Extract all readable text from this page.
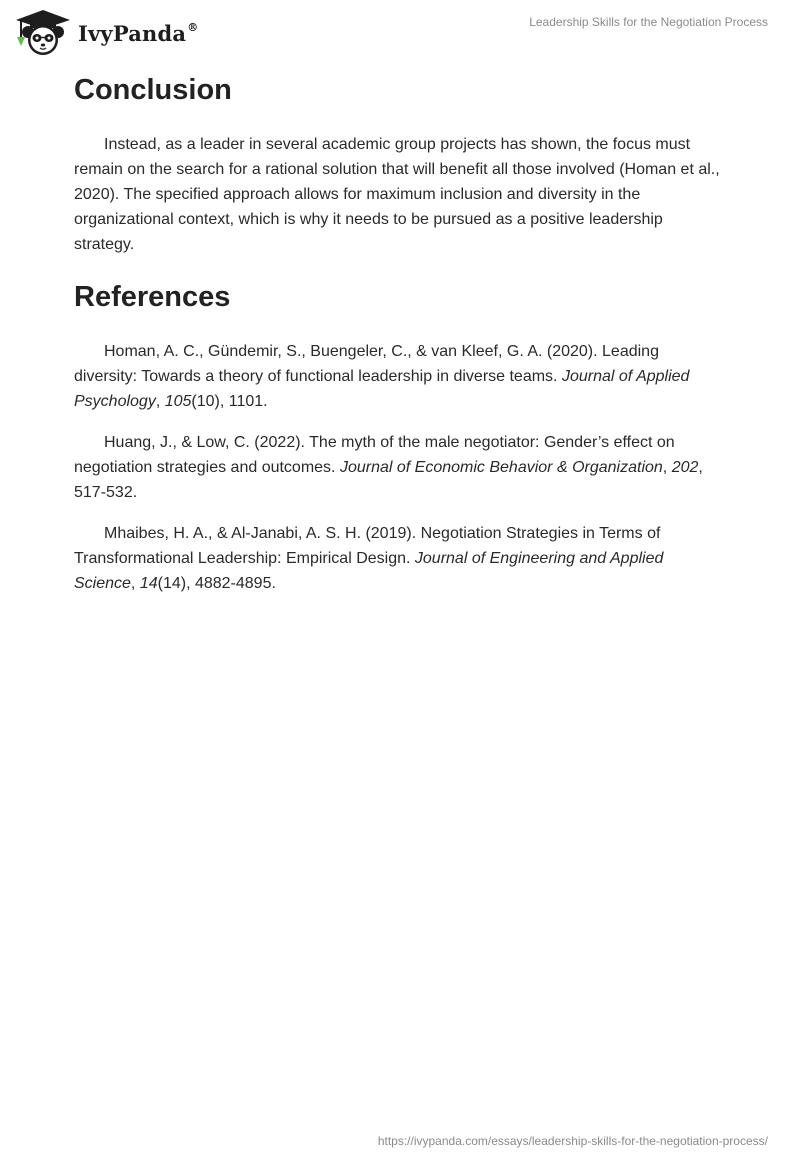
IvyPanda®	Leadership Skills for the Negotiation Process
Conclusion

Instead, as a leader in several academic group projects has shown, the focus must remain on the search for a rational solution that will benefit all those involved (Homan et al., 2020). The specified approach allows for maximum inclusion and diversity in the organizational context, which is why it needs to be pursued as a positive leadership strategy.

References

Homan, A. C., Gündemir, S., Buengeler, C., & van Kleef, G. A. (2020). Leading diversity: Towards a theory of functional leadership in diverse teams. Journal of Applied Psychology, 105(10), 1101.

Huang, J., & Low, C. (2022). The myth of the male negotiator: Gender’s effect on negotiation strategies and outcomes. Journal of Economic Behavior & Organization, 202, 517-532.

Mhaibes, H. A., & Al-Janabi, A. S. H. (2019). Negotiation Strategies in Terms of Transformational Leadership: Empirical Design. Journal of Engineering and Applied Science, 14(14), 4882-4895.

https://ivypanda.com/essays/leadership-skills-for-the-negotiation-process/
